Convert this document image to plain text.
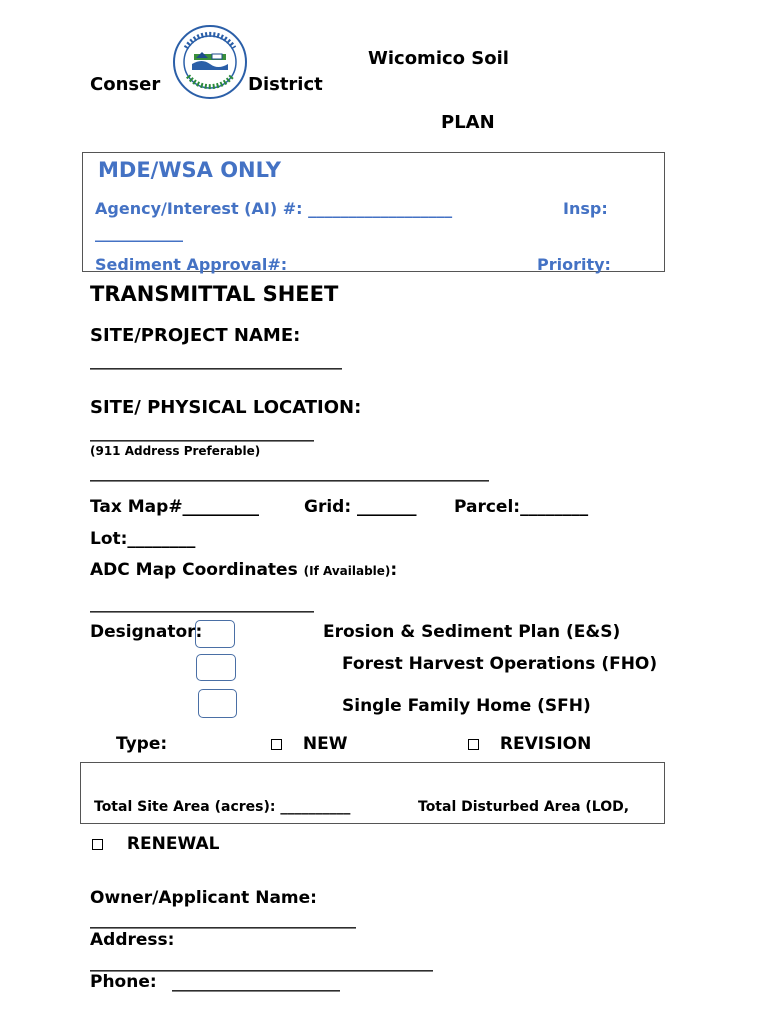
Wicomico Soil
Conser	District
PLAN
MDE/WSA ONLY
Agency/Interest (AI) #: __________________	Insp:
___________
Sediment Approval#:	Priority:
TRANSMITTAL SHEET
SITE/PROJECT NAME:
____________________________________
SITE/ PHYSICAL LOCATION:
________________________________
(911 Address Preferable)
_________________________________________________________
Tax Map#_________	Grid: _______ Parcel:________
Lot:________
ADC Map Coordinates (If Available):
________________________________
Designator:	Erosion & Sediment Plan (E&S)
Forest Harvest Operations (FHO)
Single Family Home (SFH)
Type:	NEW	REVISION
Total Site Area (acres): __________	Total Disturbed Area (LOD,
RENEWAL
Owner/Applicant Name:
______________________________________
Address:
_________________________________________________
Phone: ________________________
